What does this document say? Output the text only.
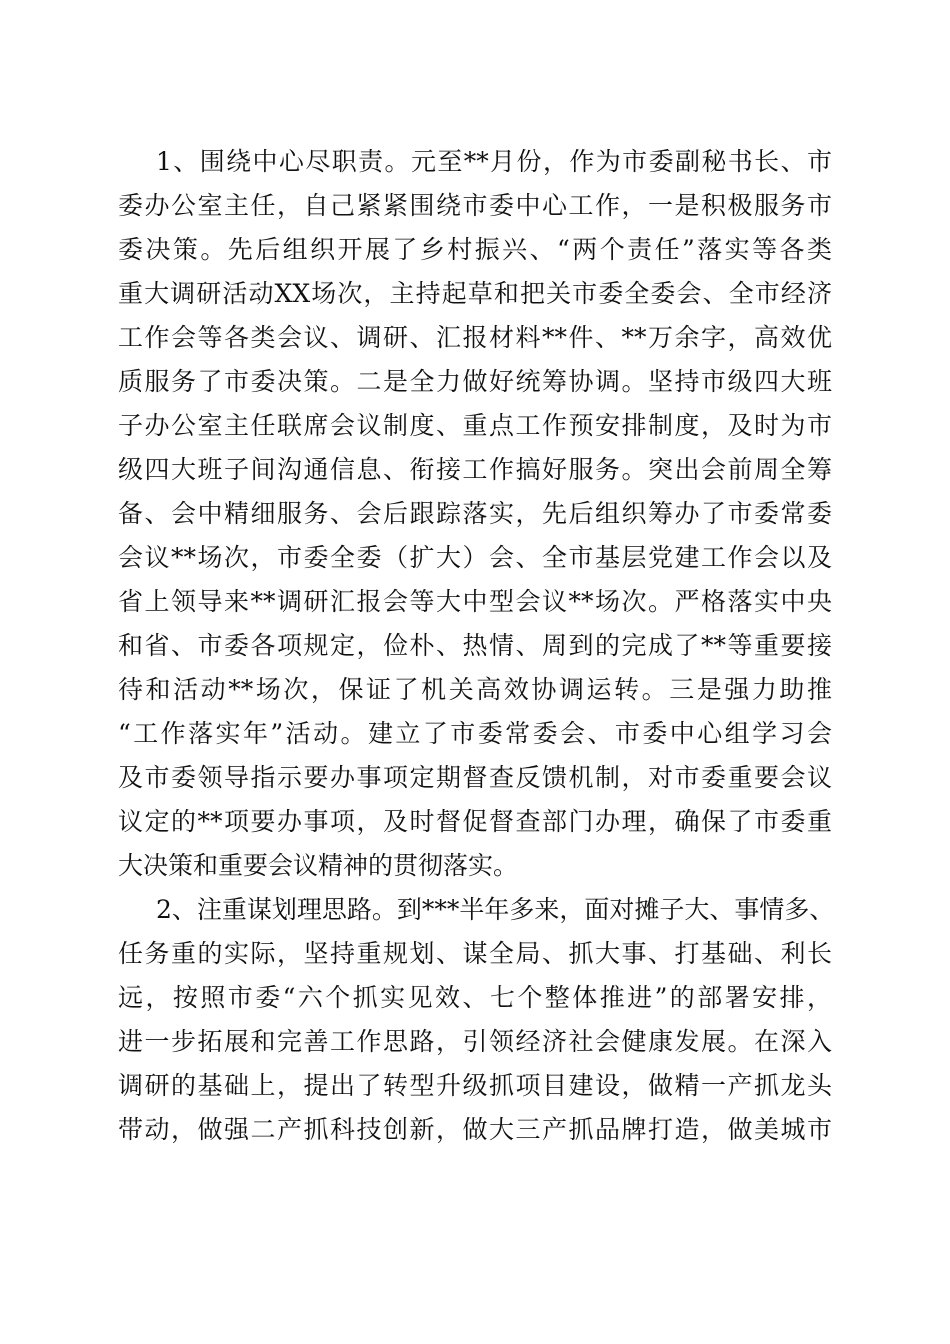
1、围绕中心尽职责。元至**月份，作为市委副秘书长、市
委办公室主任，自己紧紧围绕市委中心工作，一是积极服务市
委决策。先后组织开展了乡村振兴、“两个责任”落实等各类
重大调研活动XX场次，主持起草和把关市委全委会、全市经济
工作会等各类会议、调研、汇报材料**件、**万余字，高效优
质服务了市委决策。二是全力做好统筹协调。坚持市级四大班
子办公室主任联席会议制度、重点工作预安排制度，及时为市
级四大班子间沟通信息、衔接工作搞好服务。突出会前周全筹
备、会中精细服务、会后跟踪落实，先后组织筹办了市委常委
会议**场次，市委全委（扩大）会、全市基层党建工作会以及
省上领导来**调研汇报会等大中型会议**场次。严格落实中央
和省、市委各项规定，俭朴、热情、周到的完成了**等重要接
待和活动**场次，保证了机关高效协调运转。三是强力助推
“工作落实年”活动。建立了市委常委会、市委中心组学习会
及市委领导指示要办事项定期督查反馈机制，对市委重要会议
议定的**项要办事项，及时督促督查部门办理，确保了市委重
大决策和重要会议精神的贯彻落实。
2、注重谋划理思路。到***半年多来，面对摊子大、事情多、
任务重的实际，坚持重规划、谋全局、抓大事、打基础、利长
远，按照市委“六个抓实见效、七个整体推进”的部署安排，
进一步拓展和完善工作思路，引领经济社会健康发展。在深入
调研的基础上，提出了转型升级抓项目建设，做精一产抓龙头
带动，做强二产抓科技创新，做大三产抓品牌打造，做美城市
